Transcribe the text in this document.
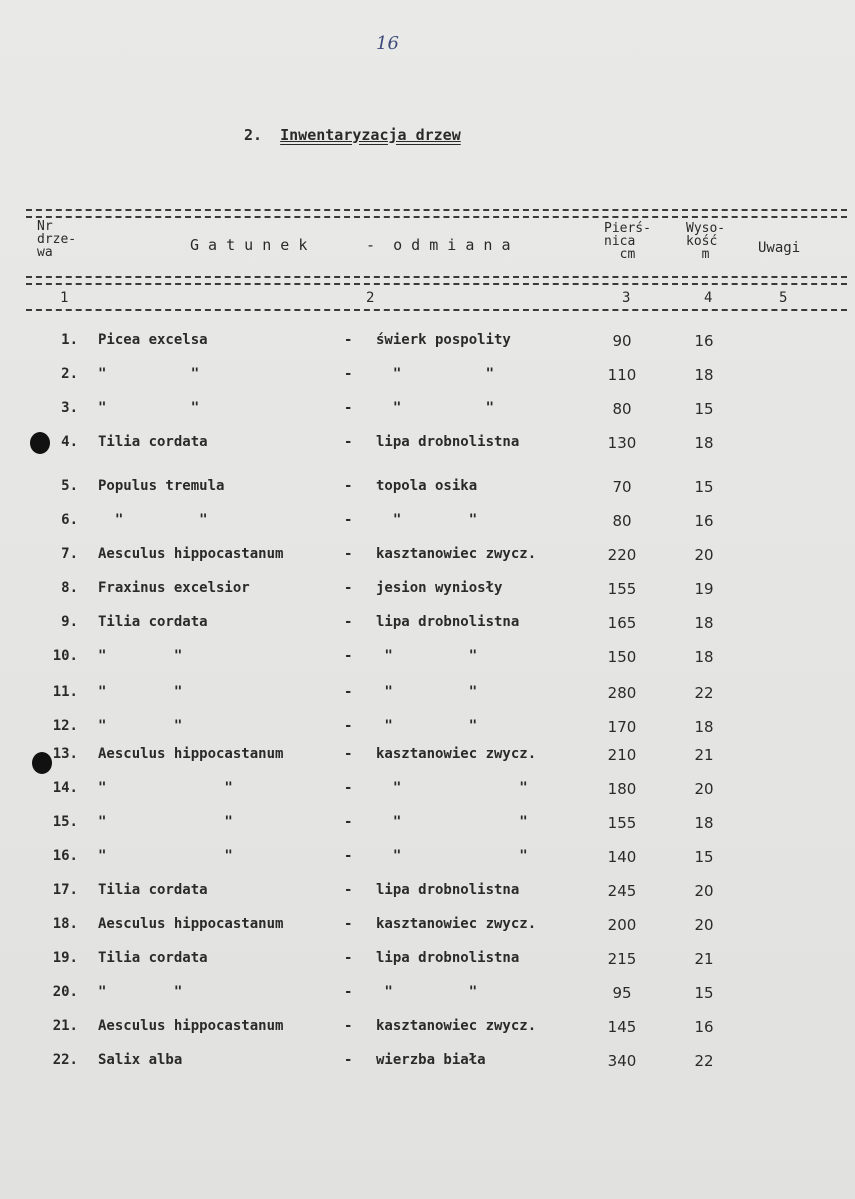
16
2. Inwentaryzacja drzew
Nr
drze-
wa	G a t u n e k	-  o d m i a n a
Pierś-
nica
cm
Wyso-
kość
m	Uwagi
1	2	3	4	5
1. Picea excelsa	- świerk pospolity	90	16
2. "          "	- "          "	110	18
3. "          "	- "          "	80	15
4. Tilia cordata	- lipa drobnolistna	130	18
5. Populus tremula	- topola osika	70	15
6. "         "	- "        "	80	16
7. Aesculus hippocastanum	- kasztanowiec zwycz.	220	20
8. Fraxinus excelsior	- jesion wyniosły	155	19
9. Tilia cordata	- lipa drobnolistna	165	18
10. "        "	- "         "	150	18
11. "        "	- "         "	280	22
12. "        "	- "         "	170	18
13. Aesculus hippocastanum	- kasztanowiec zwycz.	210	21
14. "              "	- "              "	180	20
15. "              "	- "              "	155	18
16. "              "	- "              "	140	15
17. Tilia cordata	- lipa drobnolistna	245	20
18. Aesculus hippocastanum	- kasztanowiec zwycz.	200	20
19. Tilia cordata	- lipa drobnolistna	215	21
20. "        "	- "         "	95	15
21. Aesculus hippocastanum	- kasztanowiec zwycz.	145	16
22. Salix alba	- wierzba biała	340	22
